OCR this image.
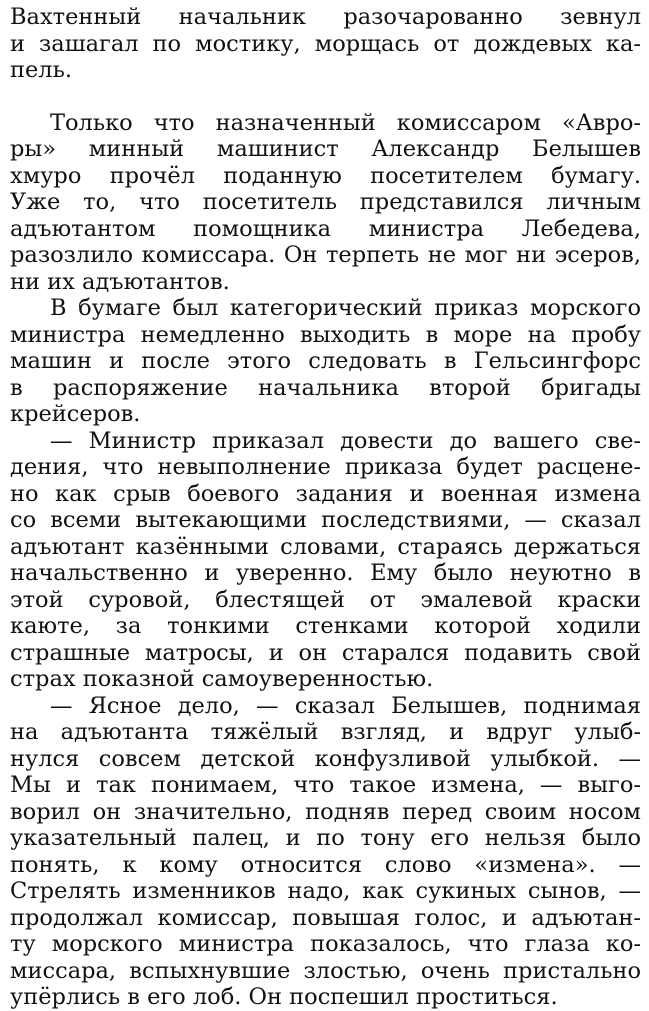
Вахтенный начальник разочарованно зевнул
и зашагал по мостику, морщась от дождевых ка-
пель.

Только что назначенный комиссаром «Авро-
ры» минный машинист Александр Белышев
хмуро прочёл поданную посетителем бумагу.
Уже то, что посетитель представился личным
адъютантом помощника министра Лебедева,
разозлило комиссара. Он терпеть не мог ни эсеров,
ни их адъютантов.

В бумаге был категорический приказ морского
министра немедленно выходить в море на пробу
машин и после этого следовать в Гельсингфорс
в распоряжение начальника второй бригады
крейсеров.

— Министр приказал довести до вашего све-
дения, что невыполнение приказа будет расцене-
но как срыв боевого задания и военная измена
со всеми вытекающими последствиями, — сказал
адъютант казёнными словами, стараясь держаться
начальственно и уверенно. Ему было неуютно в
этой суровой, блестящей от эмалевой краски
каюте, за тонкими стенками которой ходили
страшные матросы, и он старался подавить свой
страх показной самоуверенностью.

— Ясное дело, — сказал Белышев, поднимая
на адъютанта тяжёлый взгляд, и вдруг улыб-
нулся совсем детской конфузливой улыбкой. —
Мы и так понимаем, что такое измена, — выго-
ворил он значительно, подняв перед своим носом
указательный палец, и по тону его нельзя было
понять, к кому относится слово «измена». —
Стрелять изменников надо, как сукиных сынов, —
продолжал комиссар, повышая голос, и адъютан-
ту морского министра показалось, что глаза ко-
миссара, вспыхнувшие злостью, очень пристально
упёрлись в его лоб. Он поспешил проститься.
